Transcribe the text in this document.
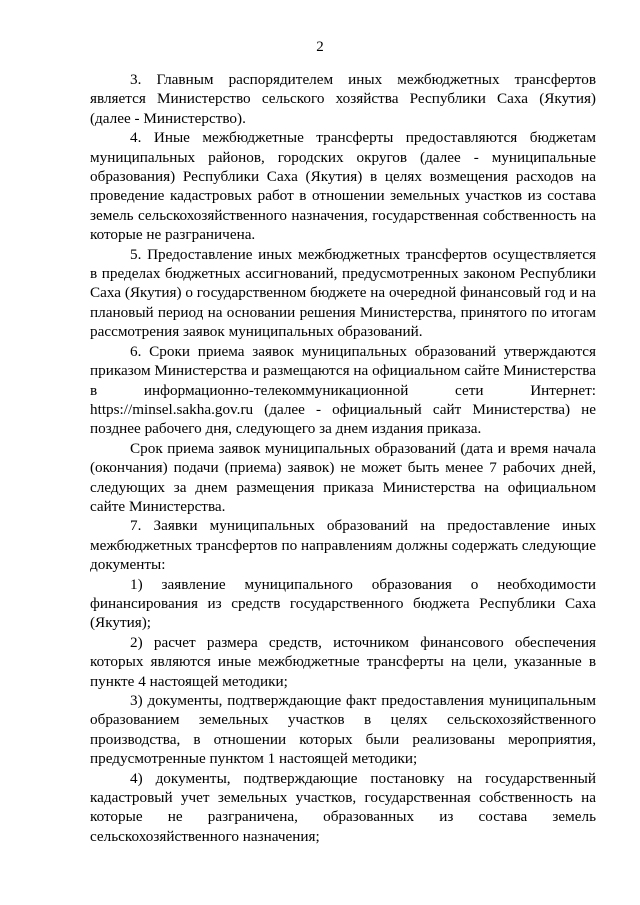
2

3. Главным распорядителем иных межбюджетных трансфертов является Министерство сельского хозяйства Республики Саха (Якутия) (далее - Министерство).

4. Иные межбюджетные трансферты предоставляются бюджетам муниципальных районов, городских округов (далее - муниципальные образования) Республики Саха (Якутия) в целях возмещения расходов на проведение кадастровых работ в отношении земельных участков из состава земель сельскохозяйственного назначения, государственная собственность на которые не разграничена.

5. Предоставление иных межбюджетных трансфертов осуществляется в пределах бюджетных ассигнований, предусмотренных законом Республики Саха (Якутия) о государственном бюджете на очередной финансовый год и на плановый период на основании решения Министерства, принятого по итогам рассмотрения заявок муниципальных образований.

6. Сроки приема заявок муниципальных образований утверждаются приказом Министерства и размещаются на официальном сайте Министерства в информационно-телекоммуникационной сети Интернет: https://minsel.sakha.gov.ru (далее - официальный сайт Министерства) не позднее рабочего дня, следующего за днем издания приказа.

Срок приема заявок муниципальных образований (дата и время начала (окончания) подачи (приема) заявок) не может быть менее 7 рабочих дней, следующих за днем размещения приказа Министерства на официальном сайте Министерства.

7. Заявки муниципальных образований на предоставление иных межбюджетных трансфертов по направлениям должны содержать следующие документы:

1) заявление муниципального образования о необходимости финансирования из средств государственного бюджета Республики Саха (Якутия);

2) расчет размера средств, источником финансового обеспечения которых являются иные межбюджетные трансферты на цели, указанные в пункте 4 настоящей методики;

3) документы, подтверждающие факт предоставления муниципальным образованием земельных участков в целях сельскохозяйственного производства, в отношении которых были реализованы мероприятия, предусмотренные пунктом 1 настоящей методики;

4) документы, подтверждающие постановку на государственный кадастровый учет земельных участков, государственная собственность на которые не разграничена, образованных из состава земель сельскохозяйственного назначения;
